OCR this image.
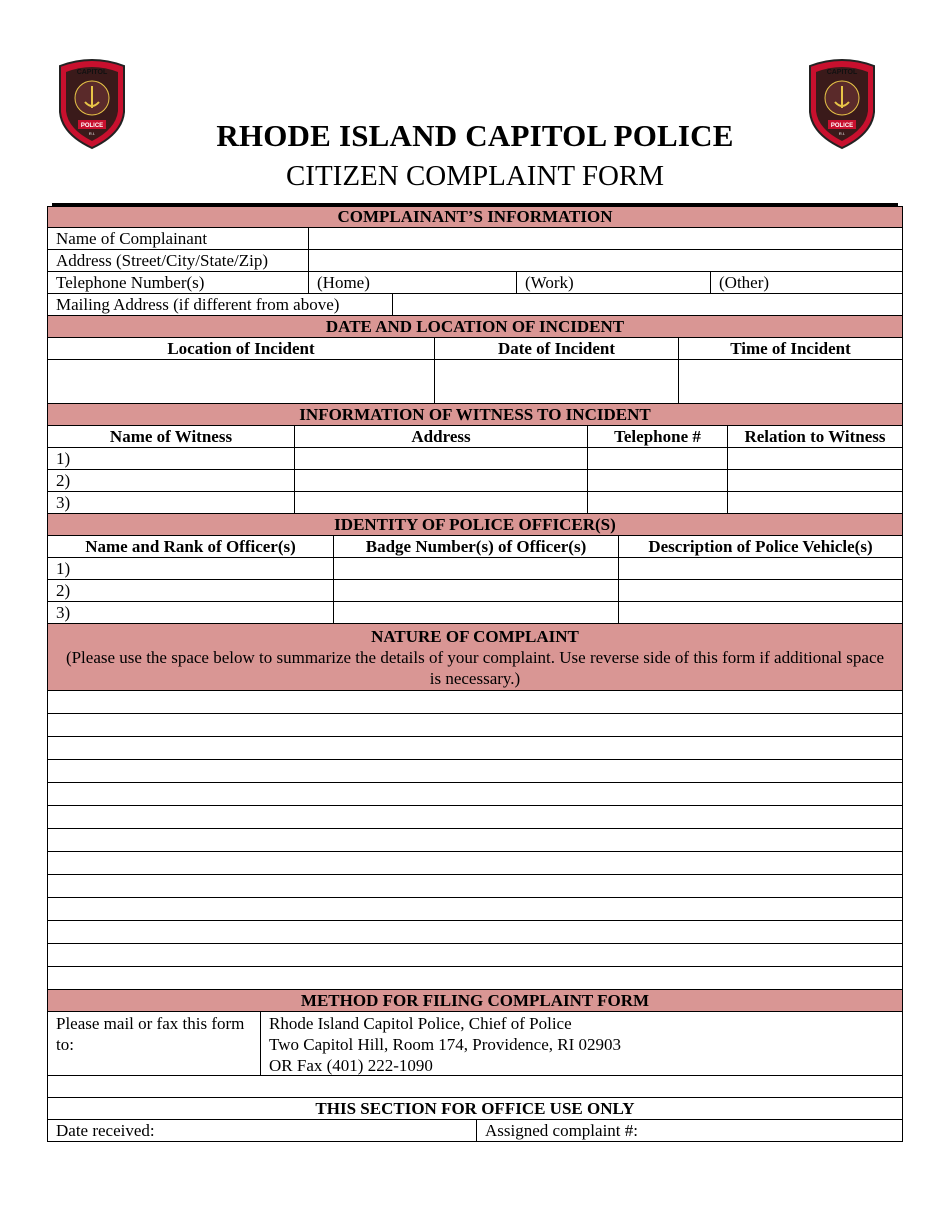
CAPITOL
POLICE
R.I.
CAPITOL
POLICE
R.I.
RHODE ISLAND CAPITOL POLICE
CITIZEN COMPLAINT FORM
COMPLAINANT’S INFORMATION
Name of Complainant
Address (Street/City/State/Zip)
Telephone Number(s)	(Home)	(Work)	(Other)
Mailing Address (if different from above)
DATE AND LOCATION OF INCIDENT
Location of Incident	Date of Incident	Time of Incident
INFORMATION OF WITNESS TO INCIDENT
Name of Witness	Address	Telephone #	Relation to Witness
1)
2)
3)
IDENTITY OF POLICE OFFICER(S)
Name and Rank of Officer(s)	Badge Number(s) of Officer(s)	Description of Police Vehicle(s)
1)
2)
3)
NATURE OF COMPLAINT
(Please use the space below to summarize the details of your complaint. Use reverse side of this form if additional space is necessary.)
METHOD FOR FILING COMPLAINT FORM
Please mail or fax this form to:
Rhode Island Capitol Police, Chief of Police
Two Capitol Hill, Room 174, Providence, RI 02903
OR Fax (401) 222-1090
THIS SECTION FOR OFFICE USE ONLY
Date received:	Assigned complaint #:
